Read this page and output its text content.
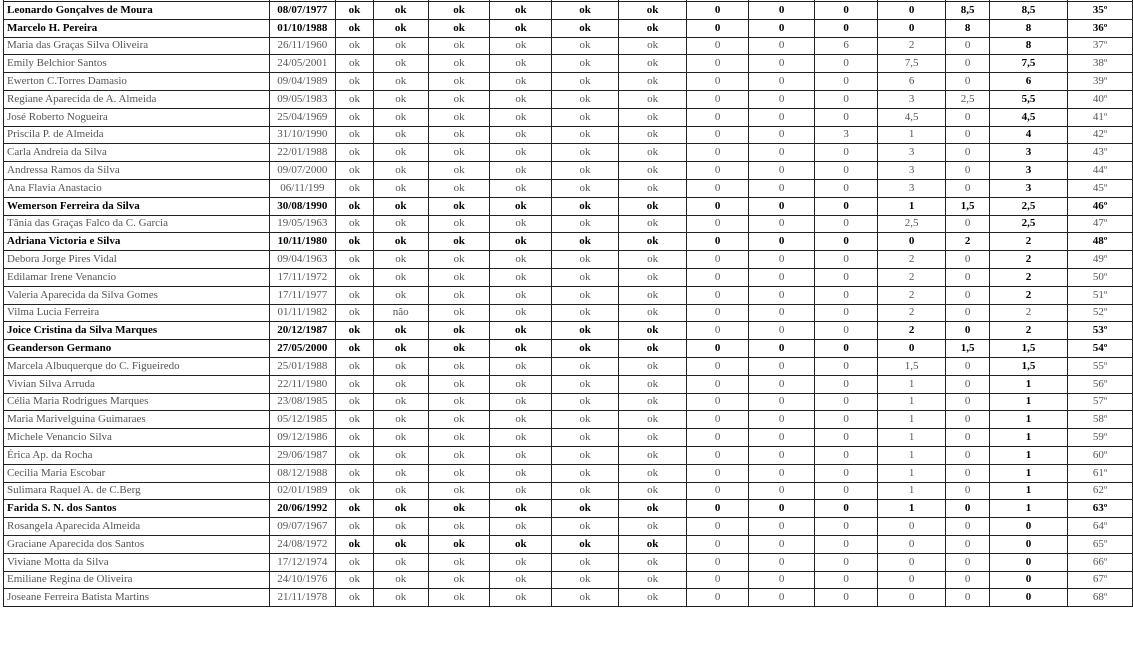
Leonardo Gonçalves de Moura	08/07/1977	ok	ok	ok	ok	ok	ok	0	0	0	0	8,5	8,5	35º
Marcelo H. Pereira	01/10/1988	ok	ok	ok	ok	ok	ok	0	0	0	0	8	8	36º
Maria das Graças Silva Oliveira	26/11/1960	ok	ok	ok	ok	ok	ok	0	0	6	2	0	8	37º
Emily Belchior Santos	24/05/2001	ok	ok	ok	ok	ok	ok	0	0	0	7,5	0	7,5	38º
Ewerton C.Torres Damasio	09/04/1989	ok	ok	ok	ok	ok	ok	0	0	0	6	0	6	39º
Regiane Aparecida de A. Almeida	09/05/1983	ok	ok	ok	ok	ok	ok	0	0	0	3	2,5	5,5	40º
José Roberto Nogueira	25/04/1969	ok	ok	ok	ok	ok	ok	0	0	0	4,5	0	4,5	41º
Priscila P. de Almeida	31/10/1990	ok	ok	ok	ok	ok	ok	0	0	3	1	0	4	42º
Carla Andreia da Silva	22/01/1988	ok	ok	ok	ok	ok	ok	0	0	0	3	0	3	43º
Andressa Ramos da Silva	09/07/2000	ok	ok	ok	ok	ok	ok	0	0	0	3	0	3	44º
Ana Flavia Anastacio	06/11/199	ok	ok	ok	ok	ok	ok	0	0	0	3	0	3	45º
Wemerson Ferreira da Silva	30/08/1990	ok	ok	ok	ok	ok	ok	0	0	0	1	1,5	2,5	46º
Tânia das Graças Falco da C. Garcia	19/05/1963	ok	ok	ok	ok	ok	ok	0	0	0	2,5	0	2,5	47º
Adriana Victoria e Silva	10/11/1980	ok	ok	ok	ok	ok	ok	0	0	0	0	2	2	48º
Debora Jorge Pires Vidal	09/04/1963	ok	ok	ok	ok	ok	ok	0	0	0	2	0	2	49º
Edilamar Irene Venancio	17/11/1972	ok	ok	ok	ok	ok	ok	0	0	0	2	0	2	50º
Valeria Aparecida da Silva Gomes	17/11/1977	ok	ok	ok	ok	ok	ok	0	0	0	2	0	2	51º
Vilma Lucia Ferreira	01/11/1982	ok	não	ok	ok	ok	ok	0	0	0	2	0	2	52º
Joice Cristina da Silva Marques	20/12/1987	ok	ok	ok	ok	ok	ok	0	0	0	2	0	2	53º
Geanderson Germano	27/05/2000	ok	ok	ok	ok	ok	ok	0	0	0	0	1,5	1,5	54º
Marcela Albuquerque do C. Figueiredo	25/01/1988	ok	ok	ok	ok	ok	ok	0	0	0	1,5	0	1,5	55º
Vivian Silva Arruda	22/11/1980	ok	ok	ok	ok	ok	ok	0	0	0	1	0	1	56º
Célia Maria Rodrigues Marques	23/08/1985	ok	ok	ok	ok	ok	ok	0	0	0	1	0	1	57º
Maria Marivelguina Guimaraes	05/12/1985	ok	ok	ok	ok	ok	ok	0	0	0	1	0	1	58º
Michele Venancio Silva	09/12/1986	ok	ok	ok	ok	ok	ok	0	0	0	1	0	1	59º
Érica Ap. da Rocha	29/06/1987	ok	ok	ok	ok	ok	ok	0	0	0	1	0	1	60º
Cecilia Maria Escobar	08/12/1988	ok	ok	ok	ok	ok	ok	0	0	0	1	0	1	61º
Sulimara Raquel A. de C.Berg	02/01/1989	ok	ok	ok	ok	ok	ok	0	0	0	1	0	1	62º
Farida S. N. dos Santos	20/06/1992	ok	ok	ok	ok	ok	ok	0	0	0	1	0	1	63º
Rosangela Aparecida Almeida	09/07/1967	ok	ok	ok	ok	ok	ok	0	0	0	0	0	0	64º
Graciane Aparecida dos Santos	24/08/1972	ok	ok	ok	ok	ok	ok	0	0	0	0	0	0	65º
Viviane Motta da Silva	17/12/1974	ok	ok	ok	ok	ok	ok	0	0	0	0	0	0	66º
Emiliane Regina de Oliveira	24/10/1976	ok	ok	ok	ok	ok	ok	0	0	0	0	0	0	67º
Joseane Ferreira Batista Martins	21/11/1978	ok	ok	ok	ok	ok	ok	0	0	0	0	0	0	68º
